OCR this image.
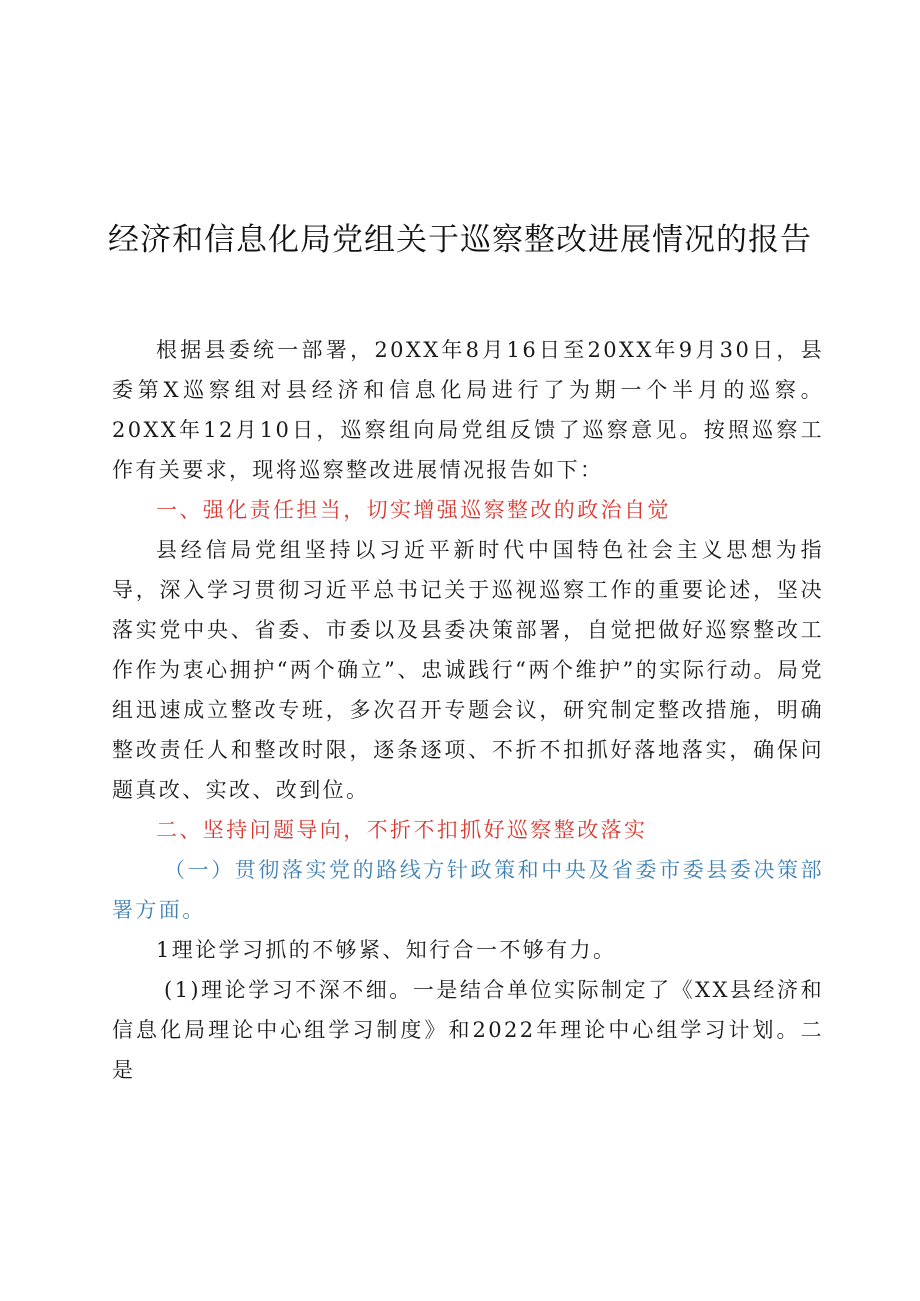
经济和信息化局党组关于巡察整改进展情况的报告

根据县委统一部署，20XX年8月16日至20XX年9月30日，县委第X巡察组对县经济和信息化局进行了为期一个半月的巡察。20XX年12月10日，巡察组向局党组反馈了巡察意见。按照巡察工作有关要求，现将巡察整改进展情况报告如下：

一、强化责任担当，切实增强巡察整改的政治自觉

县经信局党组坚持以习近平新时代中国特色社会主义思想为指导，深入学习贯彻习近平总书记关于巡视巡察工作的重要论述，坚决落实党中央、省委、市委以及县委决策部署，自觉把做好巡察整改工作作为衷心拥护“两个确立”、忠诚践行“两个维护”的实际行动。局党组迅速成立整改专班，多次召开专题会议，研究制定整改措施，明确整改责任人和整改时限，逐条逐项、不折不扣抓好落地落实，确保问题真改、实改、改到位。

二、坚持问题导向，不折不扣抓好巡察整改落实

（一）贯彻落实党的路线方针政策和中央及省委市委县委决策部署方面。

1理论学习抓的不够紧、知行合一不够有力。

(1)理论学习不深不细。一是结合单位实际制定了《XX县经济和信息化局理论中心组学习制度》和2022年理论中心组学习计划。二是
